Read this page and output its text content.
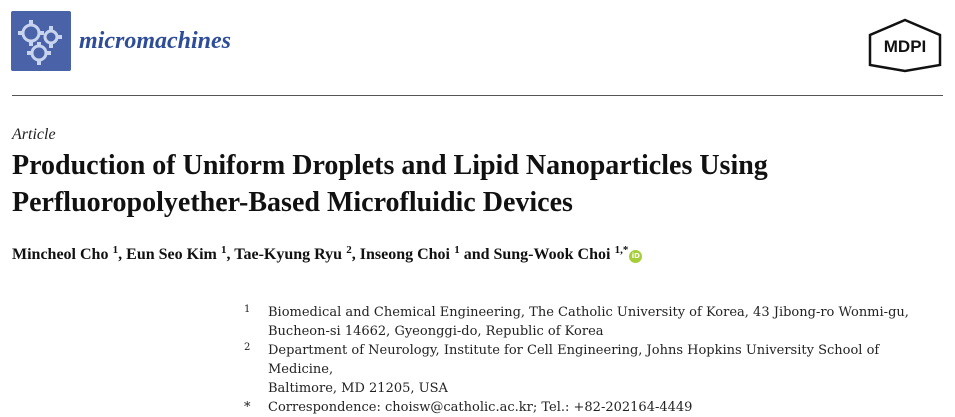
micromachines	MDPI
Article
Production of Uniform Droplets and Lipid Nanoparticles Using
Perfluoropolyether-Based Microfluidic Devices
Mincheol Cho  $^1$, Eun Seo Kim  $^1$, Tae-Kyung Ryu  $^2$, Inseong Choi  $^1$ and Sung-Wook Choi  $^{1,*}$ iD
1 Biomedical and Chemical Engineering, The Catholic University of Korea, 43 Jibong-ro Wonmi-gu,
Bucheon-si 14662, Gyeonggi-do, Republic of Korea
2 Department of Neurology, Institute for Cell Engineering, Johns Hopkins University School of Medicine,
Baltimore, MD 21205, USA
* Correspondence: choisw@catholic.ac.kr; Tel.: +82-202164-4449
